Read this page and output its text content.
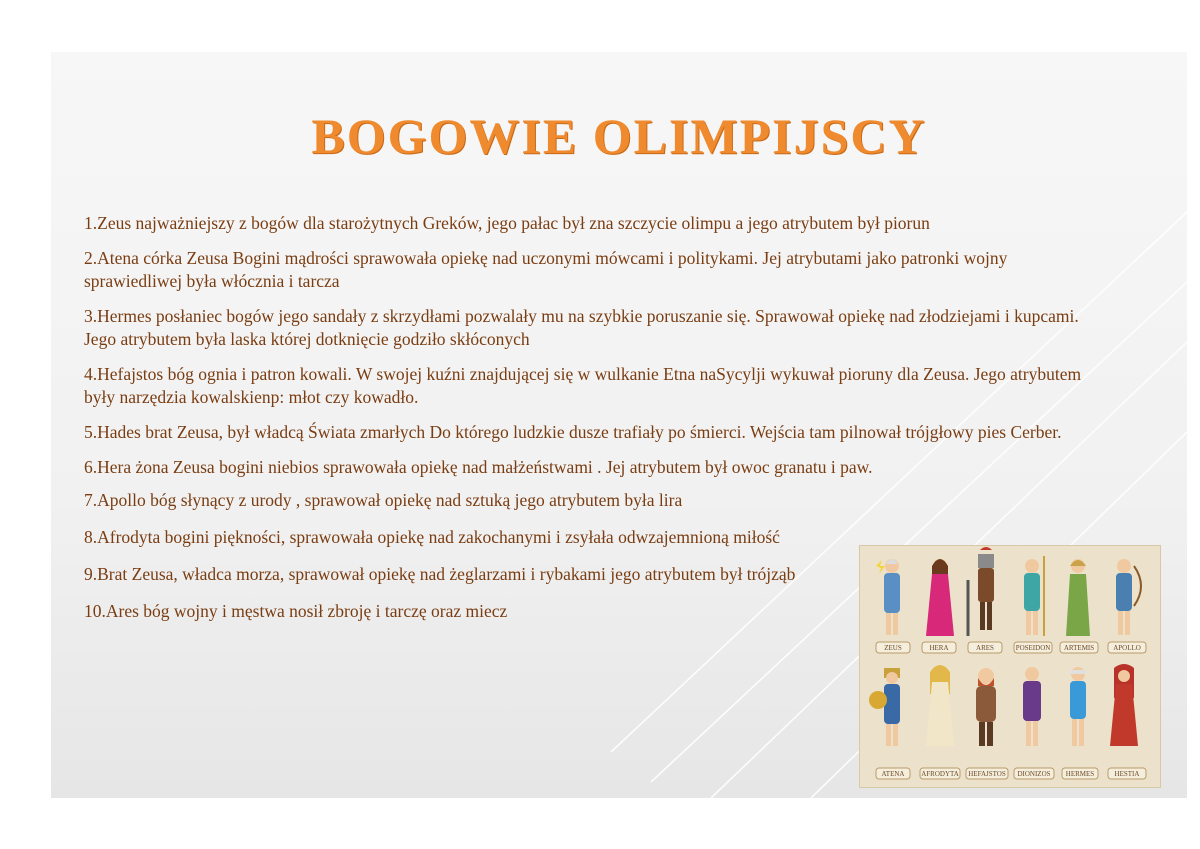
BOGOWIE OLIMPIJSCY

1.Zeus najważniejszy z bogów dla starożytnych Greków, jego pałac był zna szczycie olimpu a jego atrybutem był piorun

2.Atena córka Zeusa Bogini mądrości sprawowała opiekę nad uczonymi mówcami i politykami. Jej atrybutami jako patronki wojny sprawiedliwej była włócznia i tarcza

3.Hermes posłaniec bogów jego sandały z skrzydłami pozwalały mu na szybkie poruszanie się. Sprawował opiekę nad złodziejami i kupcami. Jego atrybutem była laska której dotknięcie godziło skłóconych

4.Hefajstos bóg ognia i patron kowali. W swojej kuźni znajdującej się w wulkanie Etna naSycylji wykuwał pioruny dla Zeusa. Jego atrybutem były narzędzia kowalskienp: młot czy kowadło.

5.Hades brat Zeusa, był władcą Świata zmarłych Do którego ludzkie dusze trafiały po śmierci. Wejścia tam pilnował trójgłowy pies Cerber.

6.Hera żona Zeusa bogini niebios sprawowała opiekę nad małżeństwami . Jej atrybutem był owoc granatu i paw.

7.Apollo bóg słynący z urody , sprawował opiekę nad sztuką jego atrybutem była lira

8.Afrodyta bogini piękności, sprawowała opiekę nad zakochanymi i zsyłała odwzajemnioną miłość

9.Brat Zeusa, władca morza, sprawował opiekę nad żeglarzami i rybakami jego atrybutem był trójząb

10.Ares bóg wojny i męstwa nosił zbroję i tarczę oraz miecz

ZEUS	HERA	ARES	POSEIDON ARTEMIS	APOLLO
ATENA AFRODYTA HEFAJSTOS DIONIZOS HERMES	HESTIA
